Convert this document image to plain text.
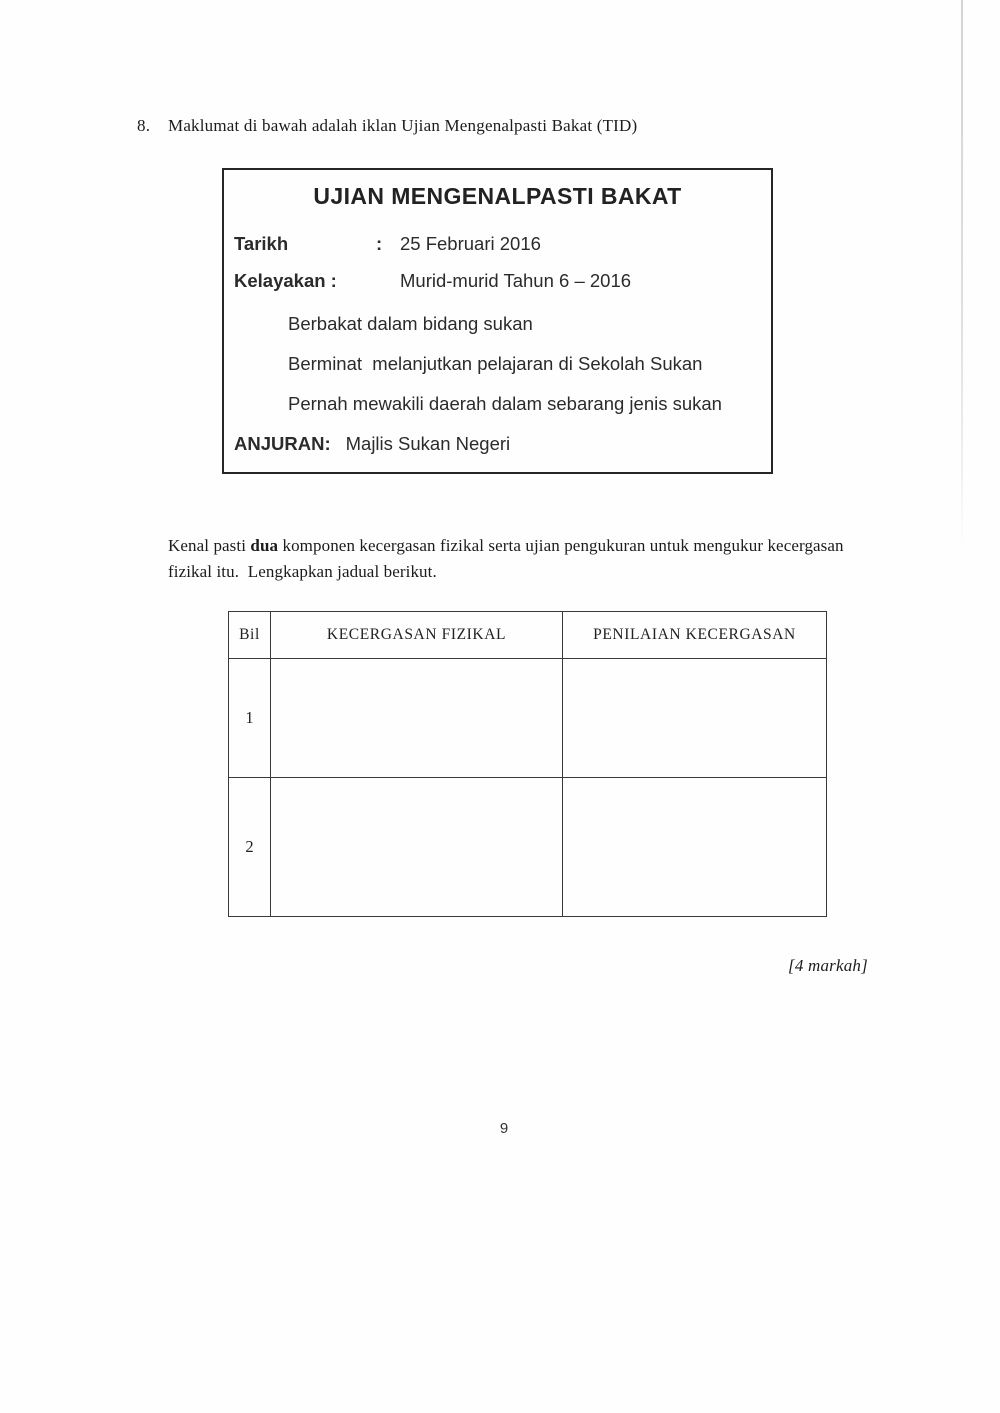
8. Maklumat di bawah adalah iklan Ujian Mengenalpasti Bakat (TID)
UJIAN MENGENALPASTI BAKAT
Tarikh	: 25 Februari 2016
Kelayakan :	Murid-murid Tahun 6 – 2016
Berbakat dalam bidang sukan
Berminat  melanjutkan pelajaran di Sekolah Sukan
Pernah mewakili daerah dalam sebarang jenis sukan
ANJURAN: Majlis Sukan Negeri
Kenal pasti dua komponen kecergasan fizikal serta ujian pengukuran untuk mengukur kecergasan fizikal itu.  Lengkapkan jadual berikut.
Bil	KECERGASAN FIZIKAL	PENILAIAN KECERGASAN
1		
2		
[4 markah]
9
